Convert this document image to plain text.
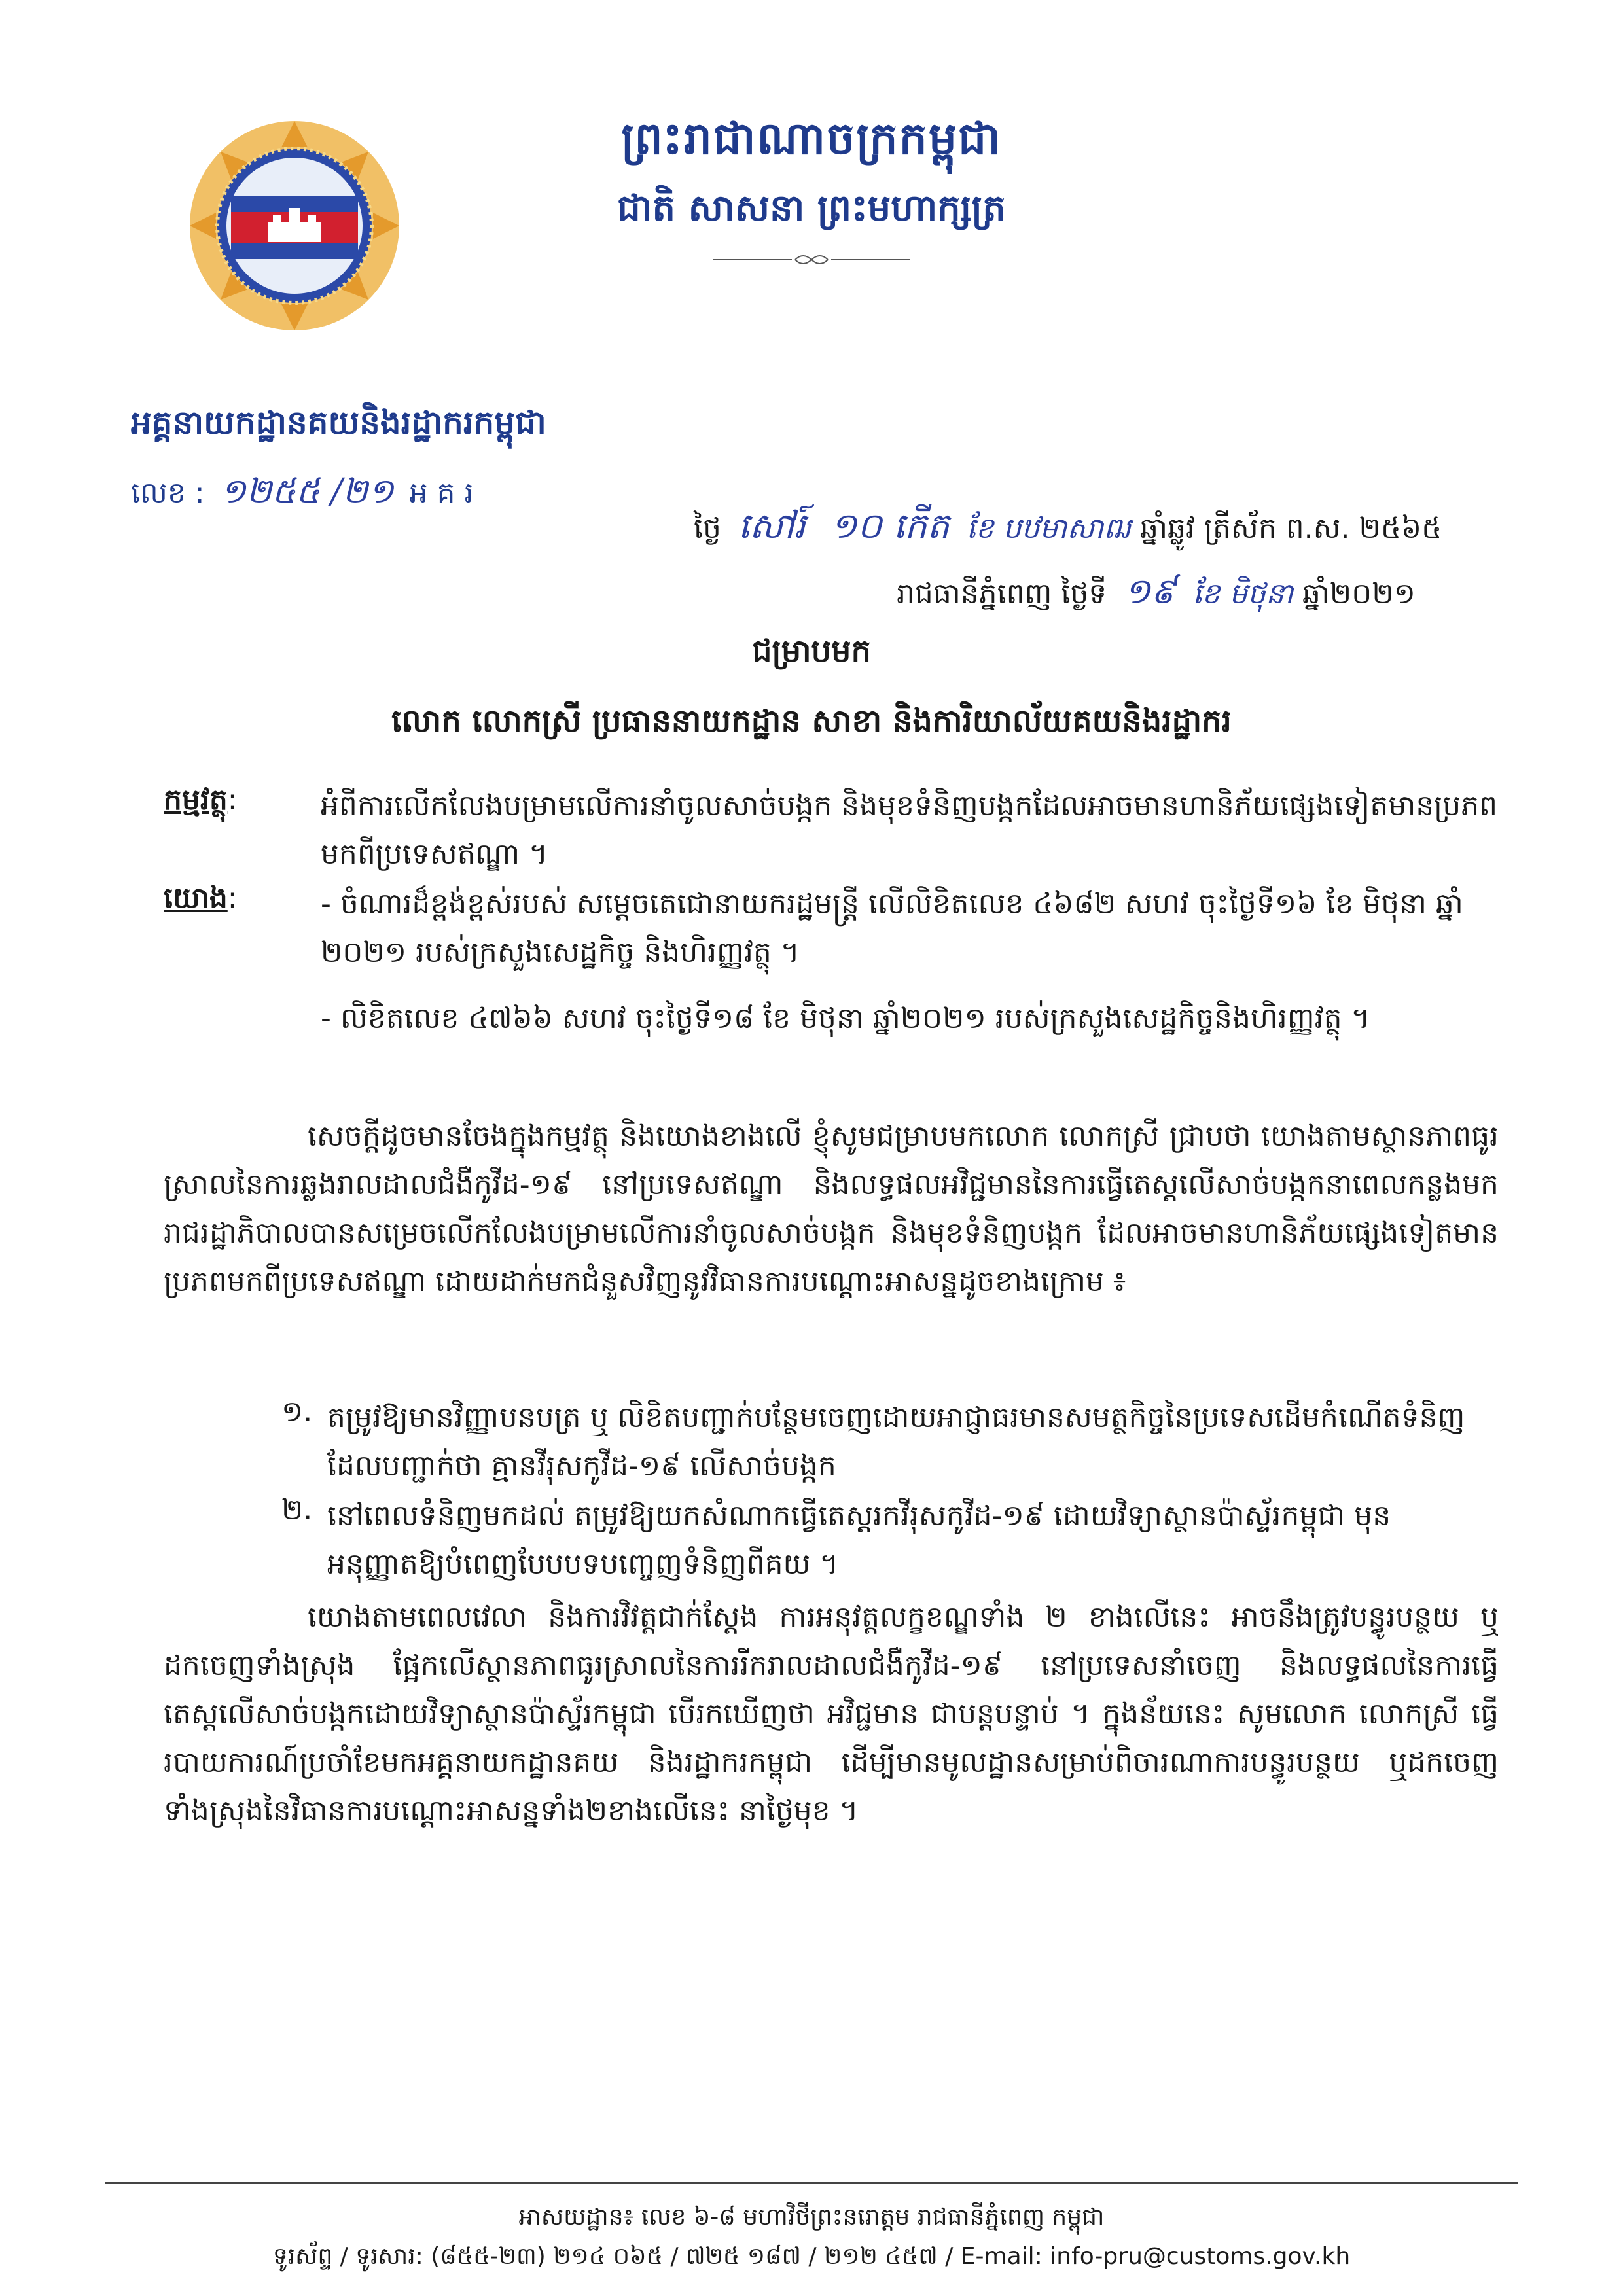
ព្រះរាជាណាចក្រកម្ពុជា
ជាតិ សាសនា ព្រះមហាក្សត្រ
អគ្គនាយកដ្ឋានគយនិងរដ្ឋាករកម្ពុជា
លេខ : ១២៥៥ /២១ អ គ រ
ថ្ងៃ សៅរ៍ ១០ កើត ខែ បឋមាសាឍ ឆ្នាំឆ្លូវ ត្រីស័ក ព.ស. ២៥៦៥
រាជធានីភ្នំពេញ ថ្ងៃទី ១៩ ខែ មិថុនា ឆ្នាំ២០២១
ជម្រាបមក
លោក លោកស្រី ប្រធាននាយកដ្ឋាន សាខា និងការិយាល័យគយនិងរដ្ឋាករ
កម្មវត្ថុ:	អំពីការលើកលែងបម្រាមលើការនាំចូលសាច់បង្កក និងមុខទំនិញបង្កកដែលអាចមានហានិភ័យផ្សេងទៀតមានប្រភពមកពីប្រទេសឥណ្ឌា ។
យោង:	- ចំណារដ៏ខ្ពង់ខ្ពស់របស់ សម្តេចតេជោនាយករដ្ឋមន្ត្រី លើលិខិតលេខ ៤៦៨២ សហវ ចុះថ្ងៃទី១៦ ខែ មិថុនា ឆ្នាំ ២០២១ របស់ក្រសួងសេដ្ឋកិច្ច និងហិរញ្ញវត្ថុ ។
- លិខិតលេខ ៤៧៦៦ សហវ ចុះថ្ងៃទី១៨ ខែ មិថុនា ឆ្នាំ២០២១ របស់ក្រសួងសេដ្ឋកិច្ចនិងហិរញ្ញវត្ថុ ។
សេចក្តីដូចមានចែងក្នុងកម្មវត្ថុ និងយោងខាងលើ ខ្ញុំសូមជម្រាបមកលោក លោកស្រី ជ្រាបថា យោងតាមស្ថានភាពធូរស្រាលនៃការឆ្លងរាលដាលជំងឺកូវីដ-១៩ នៅប្រទេសឥណ្ឌា និងលទ្ធផលអវិជ្ជមាននៃការធ្វើតេស្តលើសាច់បង្កកនាពេលកន្លងមក រាជរដ្ឋាភិបាលបានសម្រេចលើកលែងបម្រាមលើការនាំចូលសាច់បង្កក និងមុខទំនិញបង្កក ដែលអាចមានហានិភ័យផ្សេងទៀតមានប្រភពមកពីប្រទេសឥណ្ឌា ដោយដាក់មកជំនួសវិញនូវវិធានការបណ្តោះអាសន្នដូចខាងក្រោម ៖
១. តម្រូវឱ្យមានវិញ្ញាបនបត្រ ឬ លិខិតបញ្ជាក់បន្ថែមចេញដោយអាជ្ញាធរមានសមត្ថកិច្ចនៃប្រទេសដើមកំណើតទំនិញ ដែលបញ្ជាក់ថា គ្មានវីរុសកូវីដ-១៩ លើសាច់បង្កក
២. នៅពេលទំនិញមកដល់ តម្រូវឱ្យយកសំណាកធ្វើតេស្តរកវីរុសកូវីដ-១៩ ដោយវិទ្យាស្ថានប៉ាស្ទ័រកម្ពុជា មុនអនុញ្ញាតឱ្យបំពេញបែបបទបញ្ចេញទំនិញពីគយ ។
យោងតាមពេលវេលា និងការវិវត្តជាក់ស្តែង ការអនុវត្តលក្ខខណ្ឌទាំង ២ ខាងលើនេះ អាចនឹងត្រូវបន្ធូរបន្ថយ ឬដកចេញទាំងស្រុង ផ្អែកលើស្ថានភាពធូរស្រាលនៃការរីករាលដាលជំងឺកូវីដ-១៩ នៅប្រទេសនាំចេញ និងលទ្ធផលនៃការធ្វើតេស្តលើសាច់បង្កកដោយវិទ្យាស្ថានប៉ាស្ទ័រកម្ពុជា បើរកឃើញថា អវិជ្ជមាន ជាបន្តបន្ទាប់ ។ ក្នុងន័យនេះ សូមលោក លោកស្រី ធ្វើរបាយការណ៍ប្រចាំខែមកអគ្គនាយកដ្ឋានគយ និងរដ្ឋាករកម្ពុជា ដើម្បីមានមូលដ្ឋានសម្រាប់ពិចារណាការបន្ធូរបន្ថយ ឬដកចេញទាំងស្រុងនៃវិធានការបណ្តោះអាសន្នទាំង២ខាងលើនេះ នាថ្ងៃមុខ ។
អាសយដ្ឋាន៖ លេខ ៦-៨ មហាវិថីព្រះនរោត្តម រាជធានីភ្នំពេញ កម្ពុជា
ទូរស័ព្ទ / ទូរសារ: (៨៥៥-២៣) ២១៤ ០៦៥ / ៧២៥ ១៨៧ / ២១២ ៤៥៧ / E-mail: info-pru@customs.gov.kh
